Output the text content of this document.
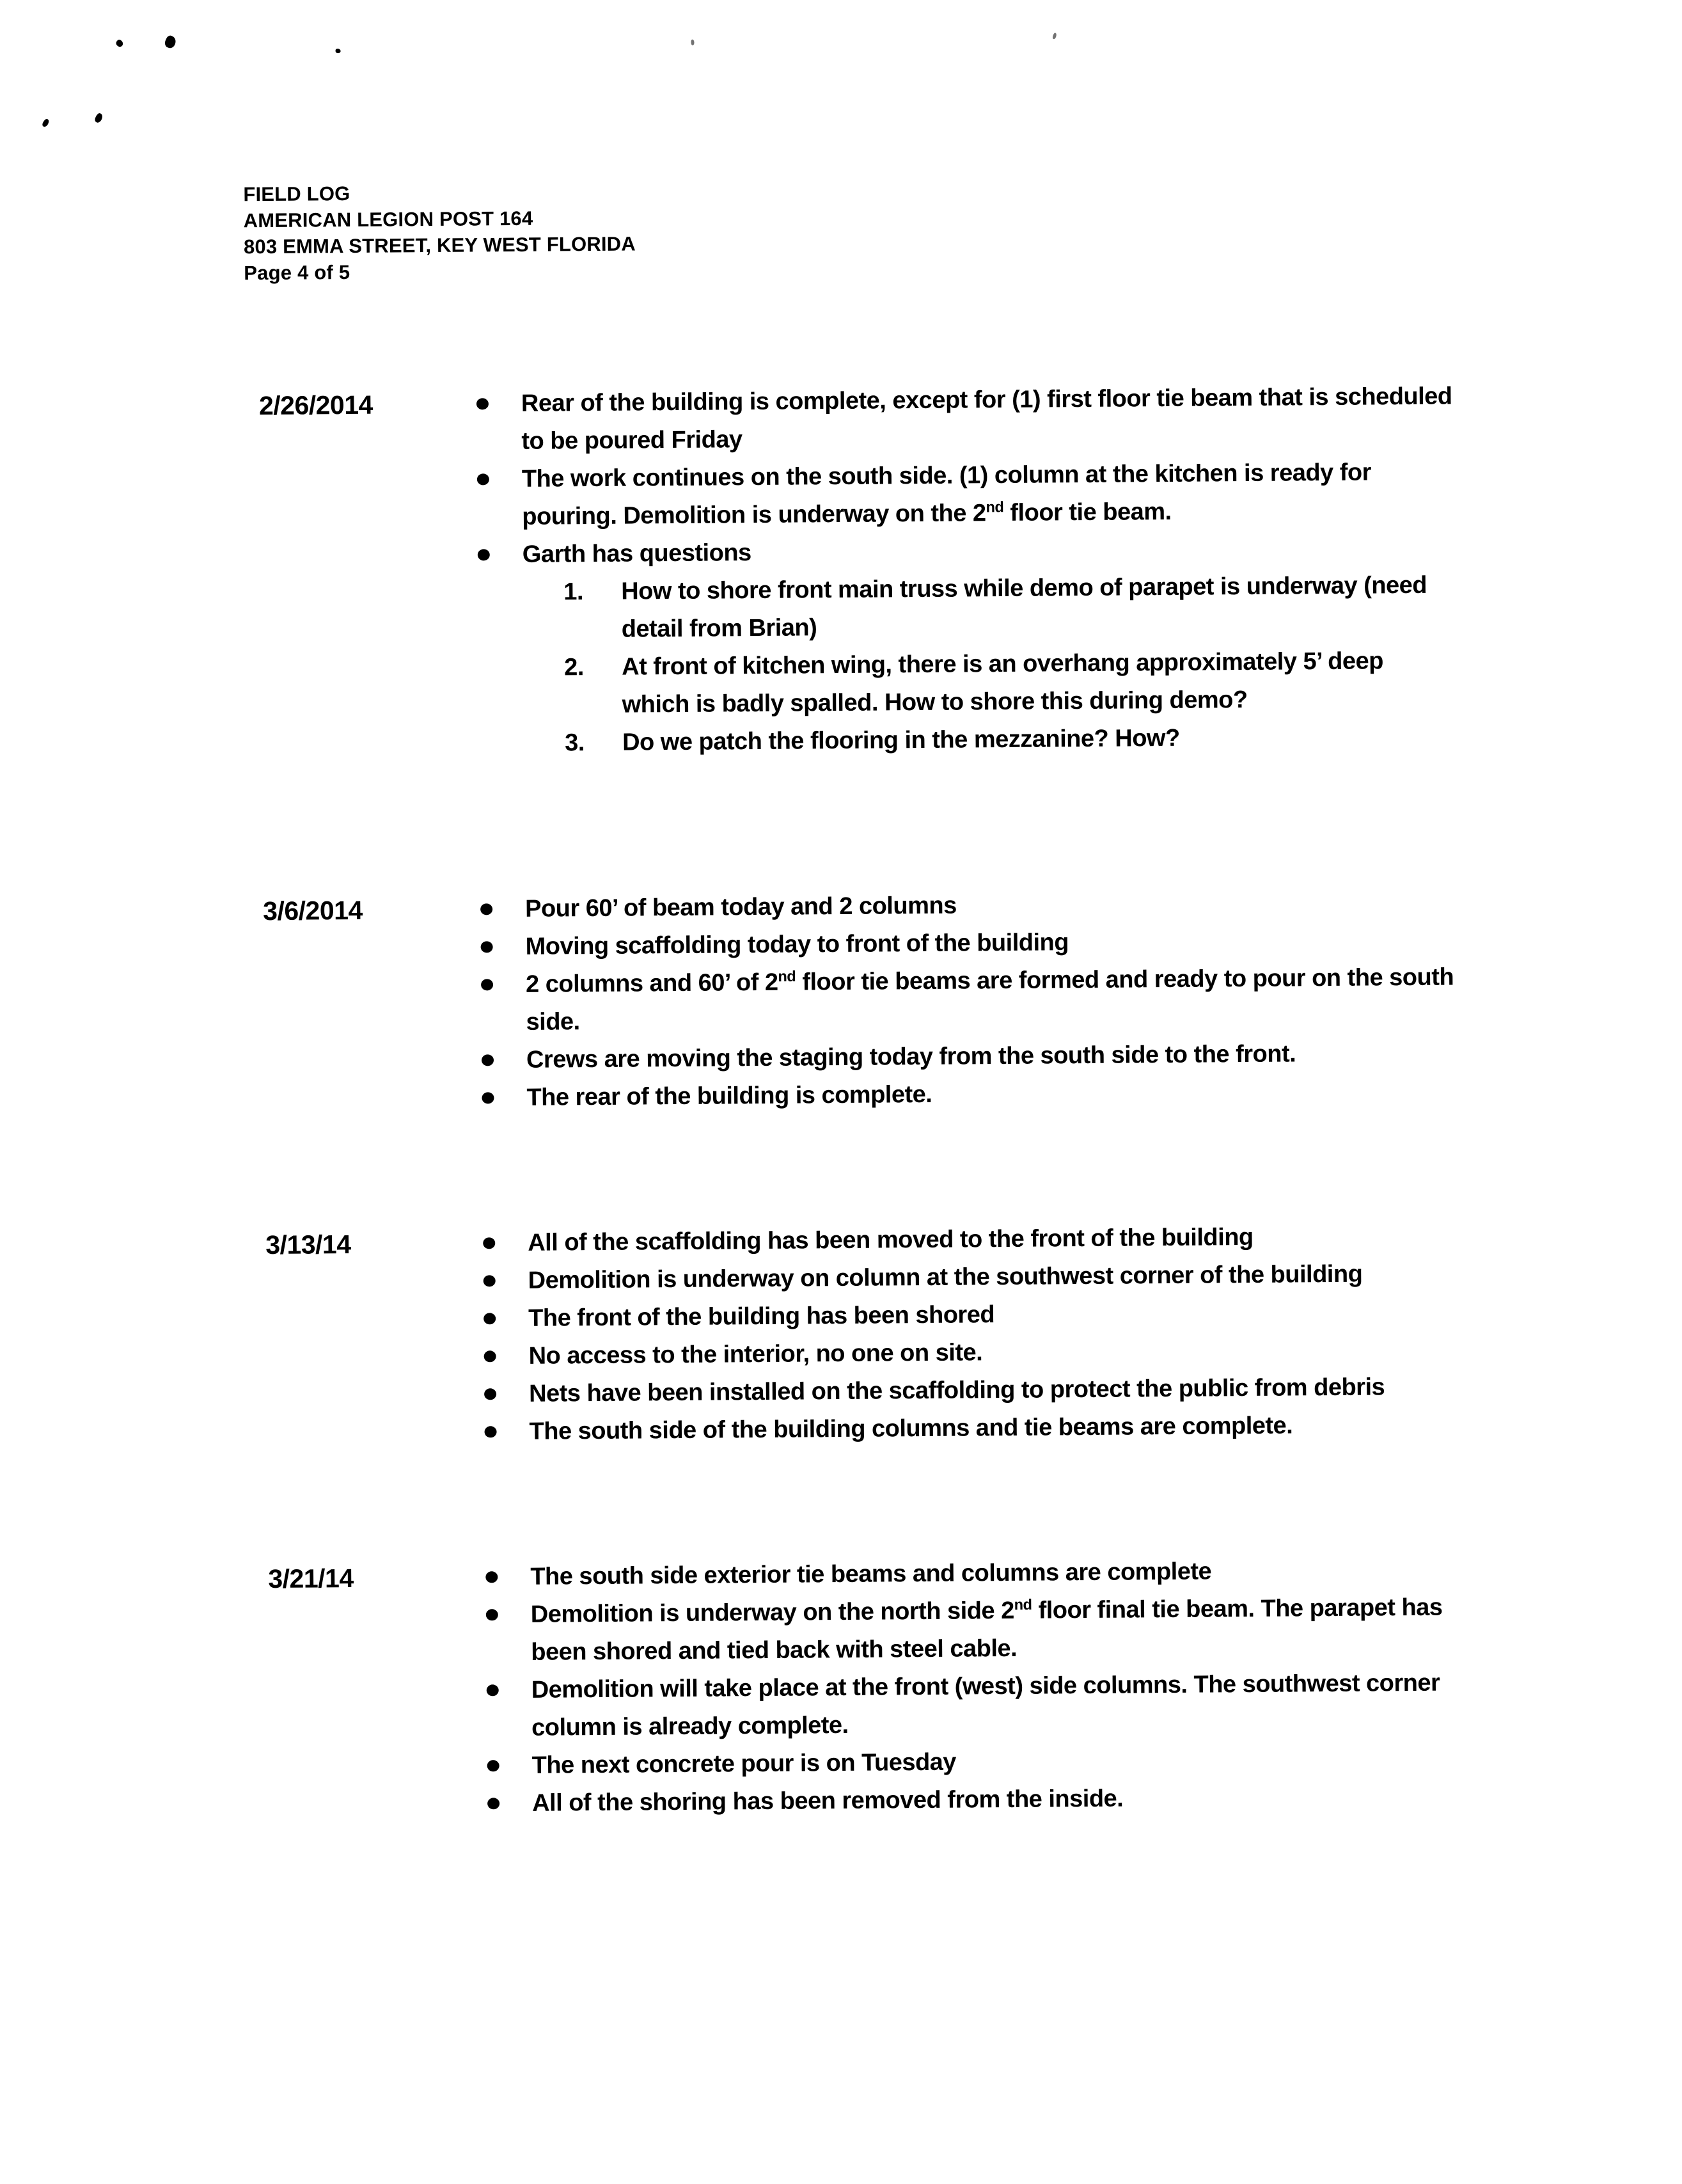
FIELD LOG
AMERICAN LEGION POST 164
803 EMMA STREET, KEY WEST FLORIDA
Page 4 of 5
2/26/2014	Rear of the building is complete, except for (1) first floor tie beam that is scheduled to be poured Friday
The work continues on the south side. (1) column at the kitchen is ready for pouring. Demolition is underway on the 2nd floor tie beam.
Garth has questions
1.	How to shore front main truss while demo of parapet is underway (need detail from Brian)
2.	At front of kitchen wing, there is an overhang approximately 5’ deep which is badly spalled. How to shore this during demo?
3.	Do we patch the flooring in the mezzanine? How?
3/6/2014	Pour 60’ of beam today and 2 columns
Moving scaffolding today to front of the building
2 columns and 60’ of 2nd floor tie beams are formed and ready to pour on the south side.
Crews are moving the staging today from the south side to the front.
The rear of the building is complete.
3/13/14	All of the scaffolding has been moved to the front of the building
Demolition is underway on column at the southwest corner of the building
The front of the building has been shored
No access to the interior, no one on site.
Nets have been installed on the scaffolding to protect the public from debris
The south side of the building columns and tie beams are complete.
3/21/14	The south side exterior tie beams and columns are complete
Demolition is underway on the north side 2nd floor final tie beam. The parapet has been shored and tied back with steel cable.
Demolition will take place at the front (west) side columns. The southwest corner column is already complete.
The next concrete pour is on Tuesday
All of the shoring has been removed from the inside.
